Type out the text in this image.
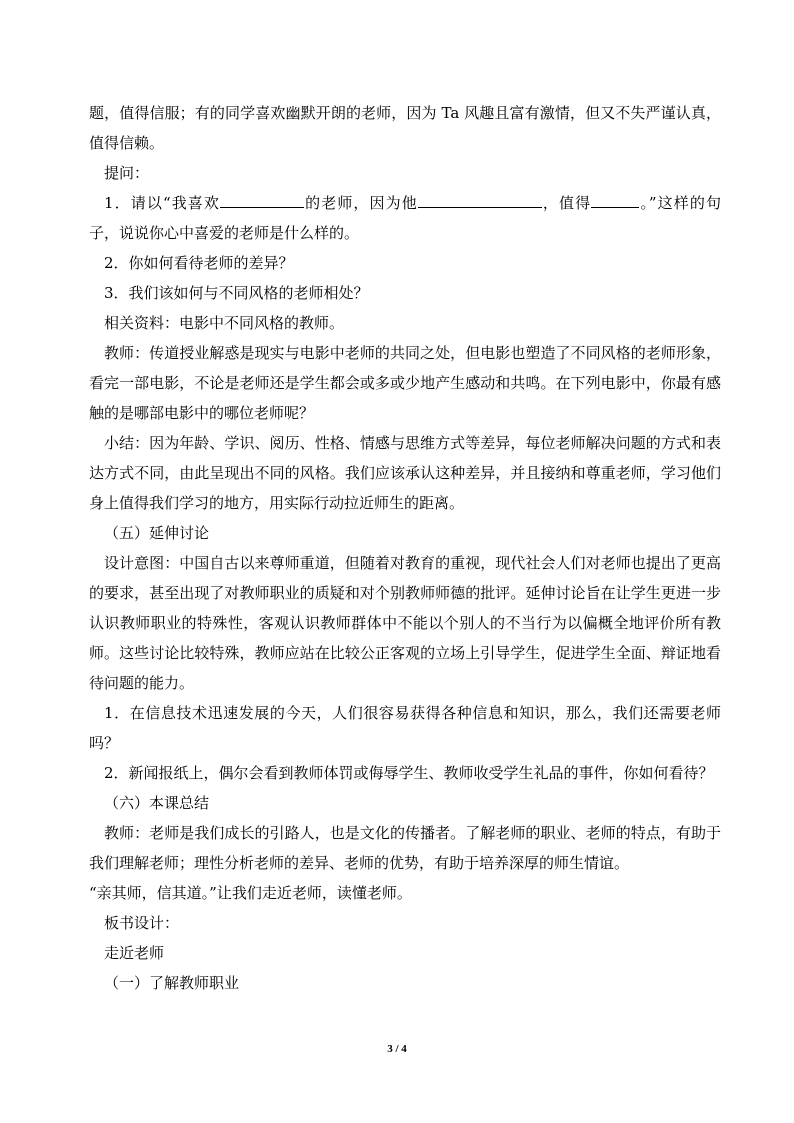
题，值得信服；有的同学喜欢幽默开朗的老师，因为 Ta 风趣且富有激情，但又不失严谨认真，值得信赖。

提问：

1．请以“我喜欢	的老师，因为他	，值得	。”这样的句子，说说你心中喜爱的老师是什么样的。

2．你如何看待老师的差异？

3．我们该如何与不同风格的老师相处？

相关资料：电影中不同风格的教师。

教师：传道授业解惑是现实与电影中老师的共同之处，但电影也塑造了不同风格的老师形象，看完一部电影，不论是老师还是学生都会或多或少地产生感动和共鸣。在下列电影中，你最有感触的是哪部电影中的哪位老师呢？

小结：因为年龄、学识、阅历、性格、情感与思维方式等差异，每位老师解决问题的方式和表达方式不同，由此呈现出不同的风格。我们应该承认这种差异，并且接纳和尊重老师，学习他们身上值得我们学习的地方，用实际行动拉近师生的距离。

（五）延伸讨论

设计意图：中国自古以来尊师重道，但随着对教育的重视，现代社会人们对老师也提出了更高的要求，甚至出现了对教师职业的质疑和对个别教师师德的批评。延伸讨论旨在让学生更进一步认识教师职业的特殊性，客观认识教师群体中不能以个别人的不当行为以偏概全地评价所有教师。这些讨论比较特殊，教师应站在比较公正客观的立场上引导学生，促进学生全面、辩证地看待问题的能力。

1．在信息技术迅速发展的今天，人们很容易获得各种信息和知识，那么，我们还需要老师吗？

2．新闻报纸上，偶尔会看到教师体罚或侮辱学生、教师收受学生礼品的事件，你如何看待？

（六）本课总结

教师：老师是我们成长的引路人，也是文化的传播者。了解老师的职业、老师的特点，有助于我们理解老师；理性分析老师的差异、老师的优势，有助于培养深厚的师生情谊。

“亲其师，信其道。”让我们走近老师，读懂老师。

板书设计：

走近老师

（一）了解教师职业

3 / 4
